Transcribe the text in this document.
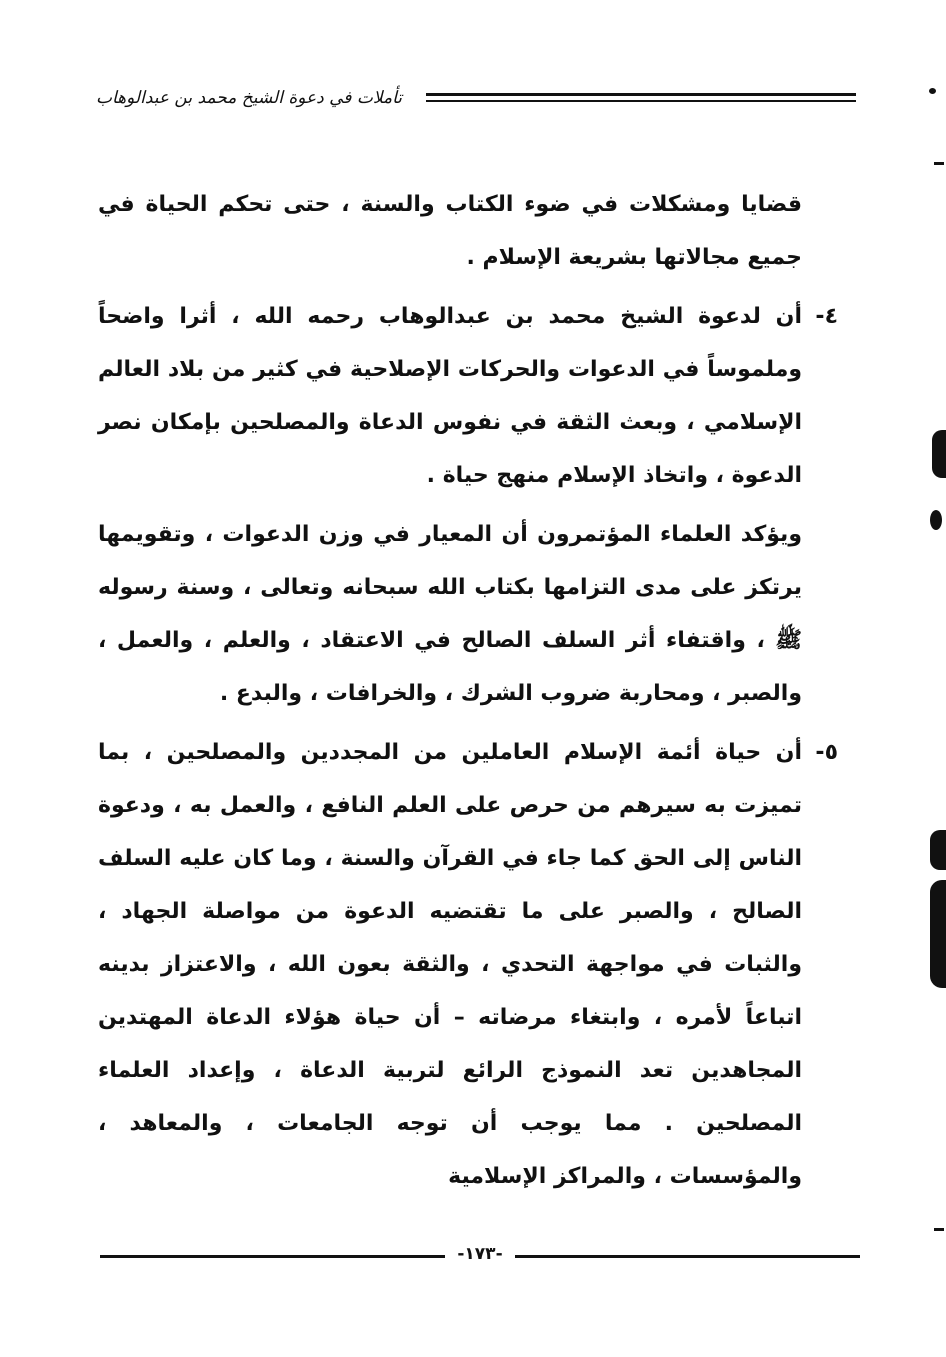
تأملات في دعوة الشيخ محمد بن عبدالوهاب

قضايا ومشكلات في ضوء الكتاب والسنة ، حتى تحكم الحياة في جميع مجالاتها بشريعة الإسلام .

٤-
أن لدعوة الشيخ محمد بن عبدالوهاب رحمه الله ، أثرا واضحاً وملموساً في الدعوات والحركات الإصلاحية في كثير من بلاد العالم الإسلامي ، وبعث الثقة في نفوس الدعاة والمصلحين بإمكان نصر الدعوة ، واتخاذ الإسلام منهج حياة .

ويؤكد العلماء المؤتمرون أن المعيار في وزن الدعوات ، وتقويمها يرتكز على مدى التزامها بكتاب الله سبحانه وتعالى ، وسنة رسوله ﷺ ، واقتفاء أثر السلف الصالح في الاعتقاد ، والعلم ، والعمل ، والصبر ، ومحاربة ضروب الشرك ، والخرافات ، والبدع .

٥-
أن حياة أئمة الإسلام العاملين من المجددين والمصلحين ، بما تميزت به سيرهم من حرص على العلم النافع ، والعمل به ، ودعوة الناس إلى الحق كما جاء في القرآن والسنة ، وما كان عليه السلف الصالح ، والصبر على ما تقتضيه الدعوة من مواصلة الجهاد ، والثبات في مواجهة التحدي ، والثقة بعون الله ، والاعتزاز بدينه اتباعاً لأمره ، وابتغاء مرضاته – أن حياة هؤلاء الدعاة المهتدين المجاهدين تعد النموذج الرائع لتربية الدعاة ، وإعداد العلماء المصلحين . مما يوجب أن توجه الجامعات ، والمعاهد ، والمؤسسات ، والمراكز الإسلامية
-١٧٣-
